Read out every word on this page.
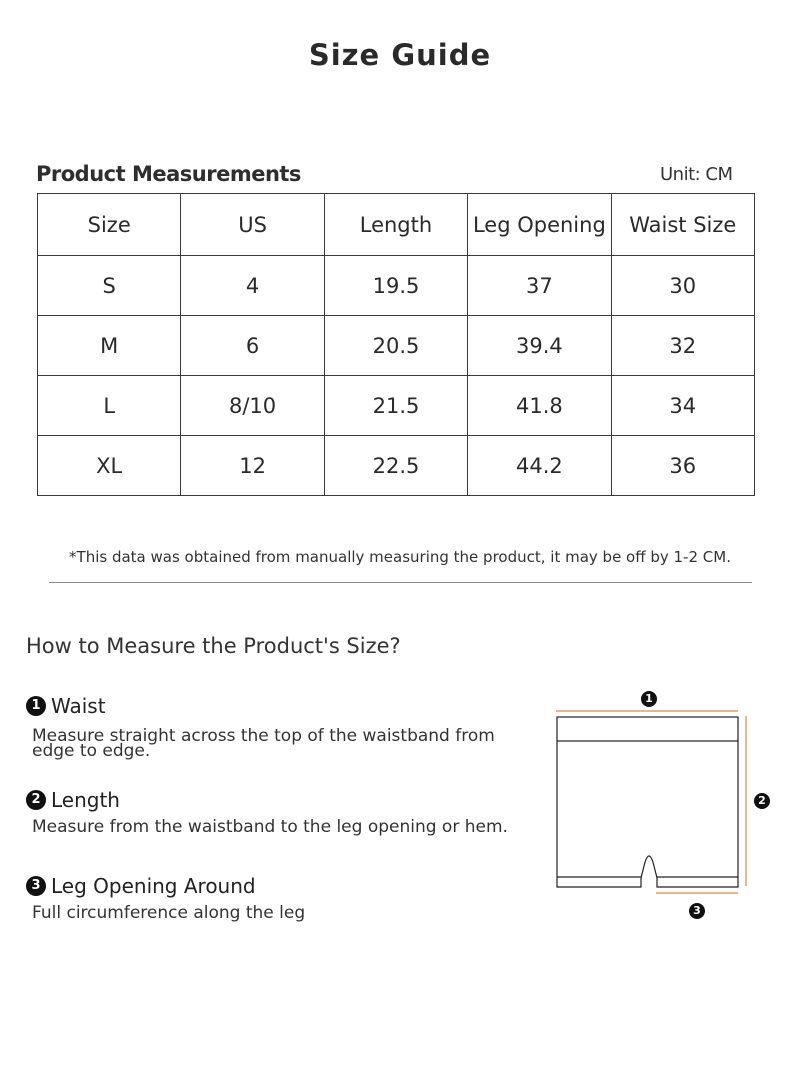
Size Guide
Product Measurements	Unit: CM
Size	US	Length	Leg Opening	Waist Size
S	4	19.5	37	30
M	6	20.5	39.4	32
L	8/10	21.5	41.8	34
XL	12	22.5	44.2	36
*This data was obtained from manually measuring the product, it may be off by 1-2 CM.
How to Measure the Product's Size?
1 Waist
Measure straight across the top of the waistband from edge to edge.
2 Length
Measure from the waistband to the leg opening or hem.
3 Leg Opening Around
Full circumference along the leg
1
2
3
